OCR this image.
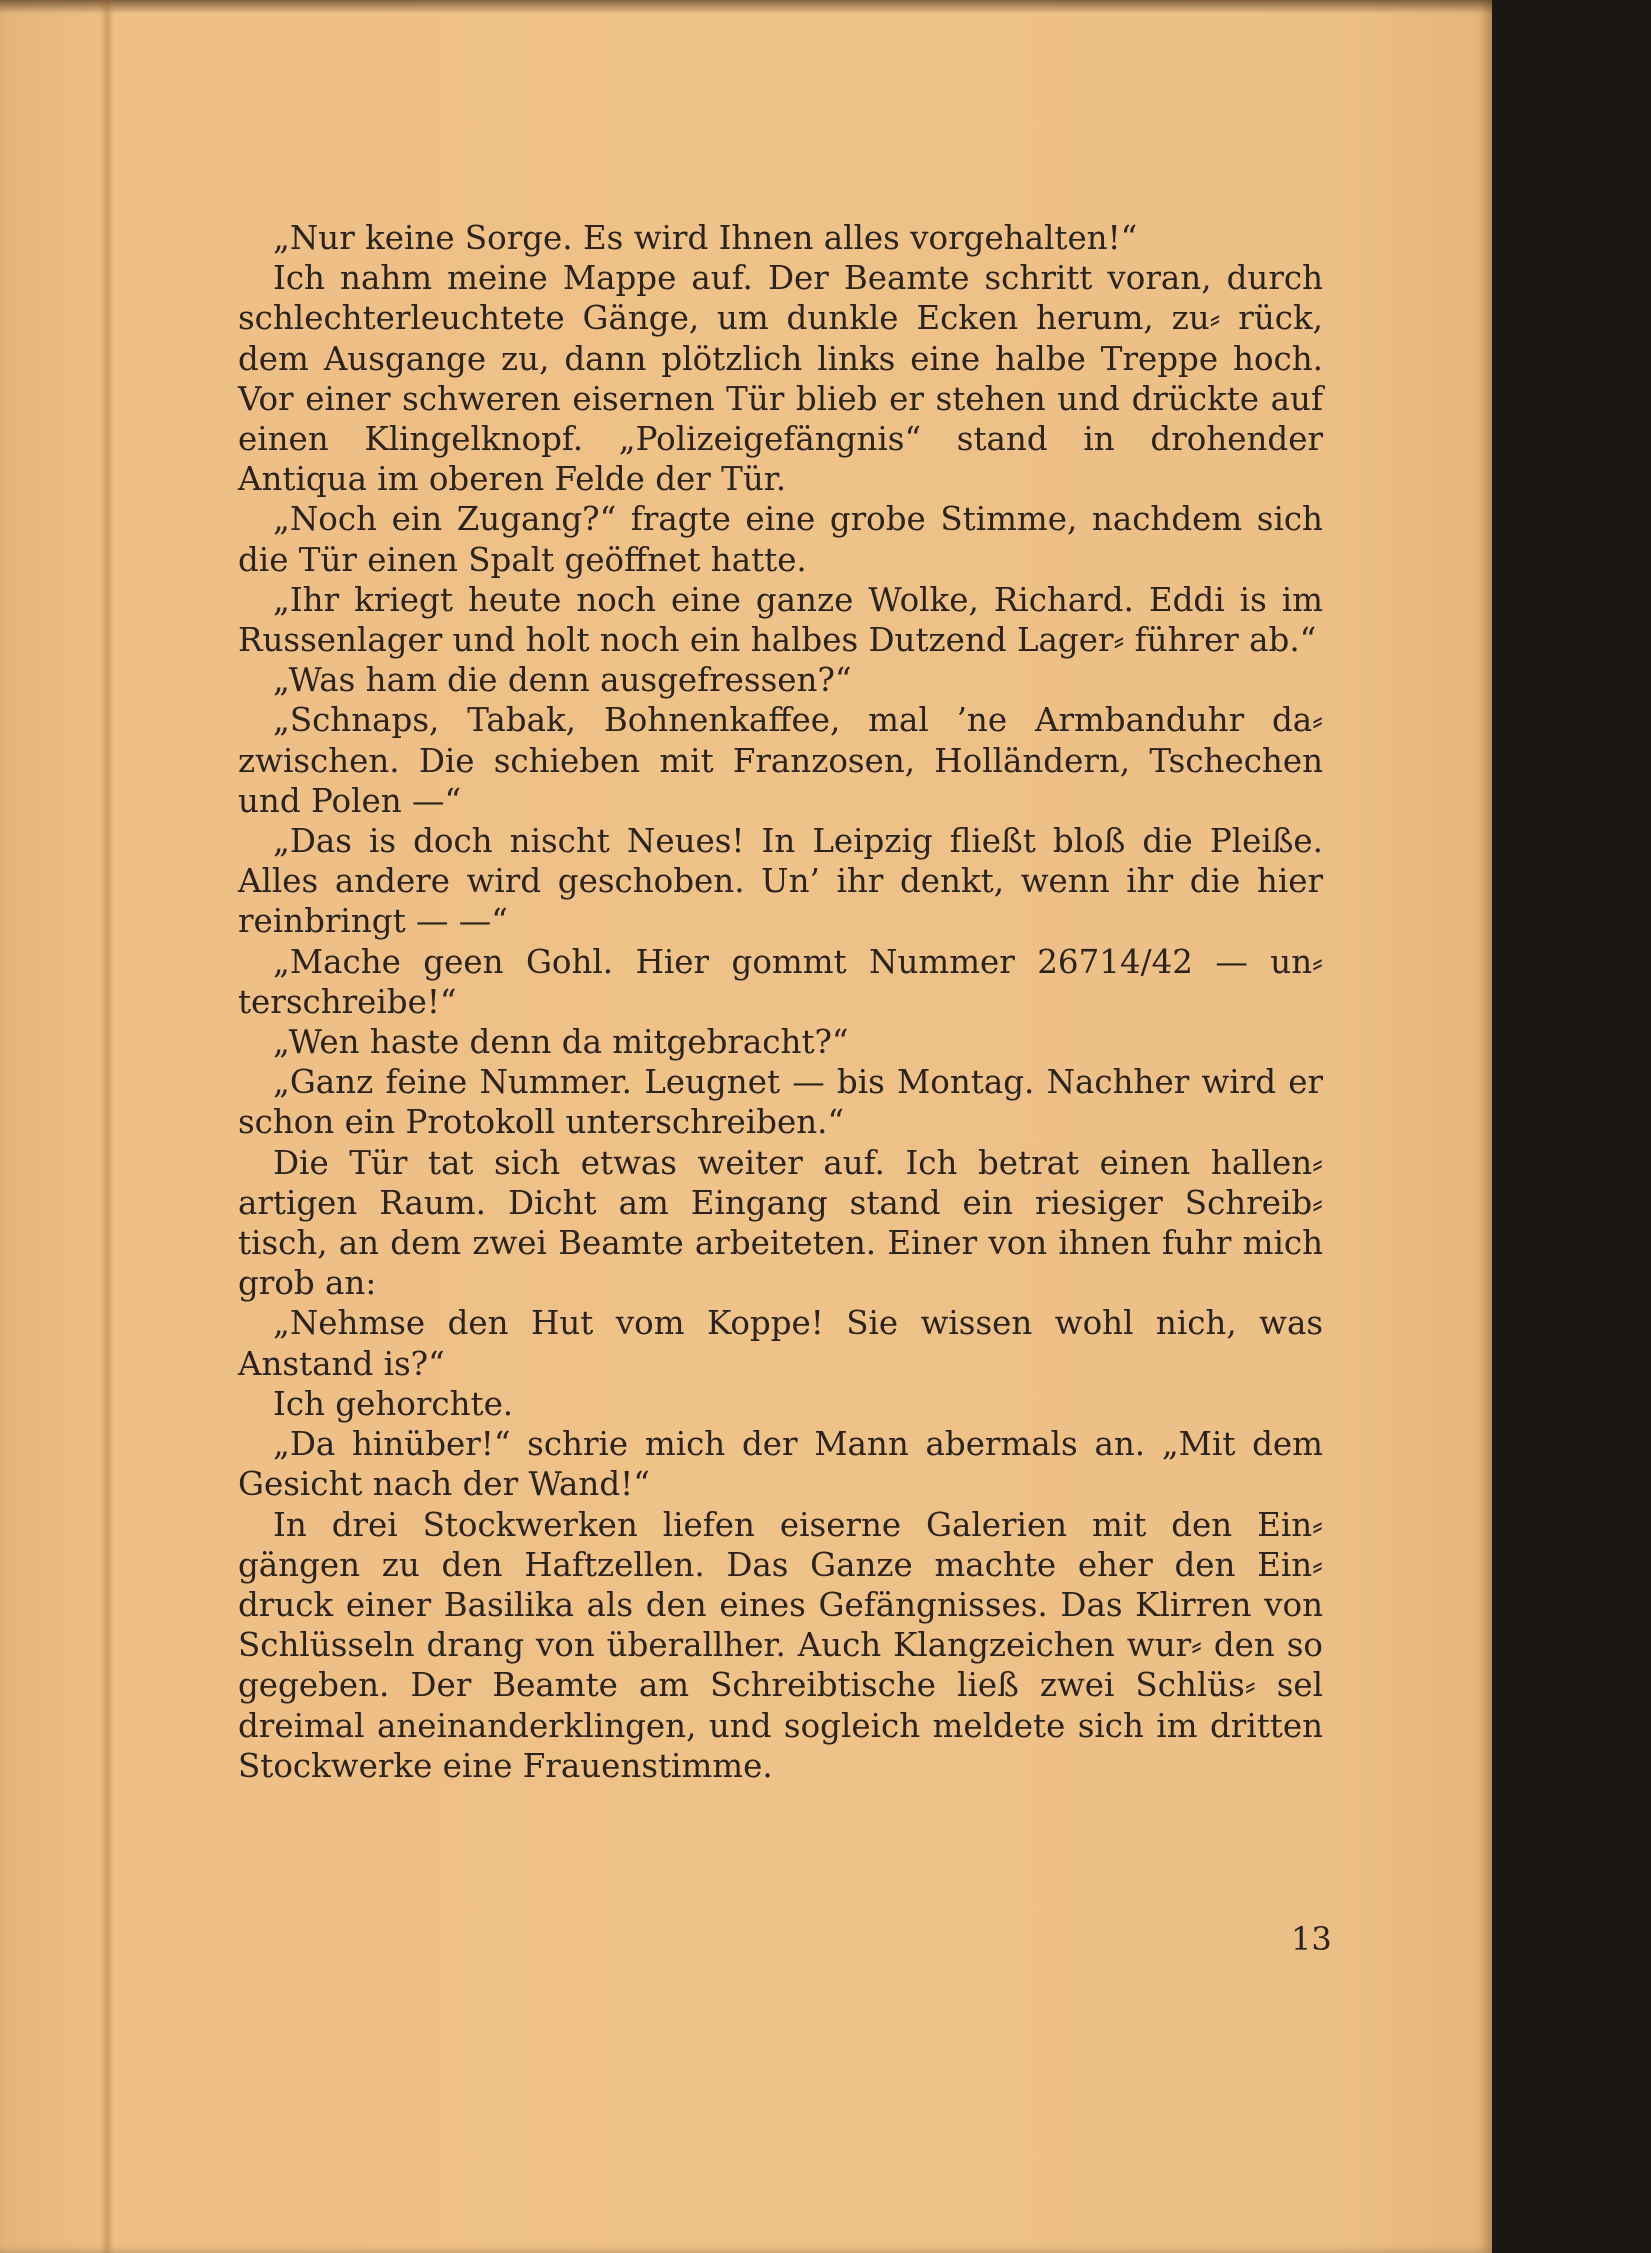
„Nur keine Sorge. Es wird Ihnen alles vorgehalten!“

Ich nahm meine Mappe auf. Der Beamte schritt voran, durch schlechterleuchtete Gänge, um dunkle Ecken herum, zu⸗ rück, dem Ausgange zu, dann plötzlich links eine halbe Treppe hoch. Vor einer schweren eisernen Tür blieb er stehen und drückte auf einen Klingelknopf. „Polizeigefängnis“ stand in drohender Antiqua im oberen Felde der Tür.

„Noch ein Zugang?“ fragte eine grobe Stimme, nachdem sich die Tür einen Spalt geöffnet hatte.

„Ihr kriegt heute noch eine ganze Wolke, Richard. Eddi is im Russenlager und holt noch ein halbes Dutzend Lager⸗ führer ab.“

„Was ham die denn ausgefressen?“

„Schnaps, Tabak, Bohnenkaffee, mal ’ne Armbanduhr da⸗ zwischen. Die schieben mit Franzosen, Holländern, Tschechen und Polen —“

„Das is doch nischt Neues! In Leipzig fließt bloß die Pleiße. Alles andere wird geschoben. Un’ ihr denkt, wenn ihr die hier reinbringt — —“

„Mache geen Gohl. Hier gommt Nummer 26714/42 — un⸗ terschreibe!“

„Wen haste denn da mitgebracht?“

„Ganz feine Nummer. Leugnet — bis Montag. Nachher wird er schon ein Protokoll unterschreiben.“

Die Tür tat sich etwas weiter auf. Ich betrat einen hallen⸗ artigen Raum. Dicht am Eingang stand ein riesiger Schreib⸗ tisch, an dem zwei Beamte arbeiteten. Einer von ihnen fuhr mich grob an:

„Nehmse den Hut vom Koppe! Sie wissen wohl nich, was Anstand is?“

Ich gehorchte.

„Da hinüber!“ schrie mich der Mann abermals an. „Mit dem Gesicht nach der Wand!“

In drei Stockwerken liefen eiserne Galerien mit den Ein⸗ gängen zu den Haftzellen. Das Ganze machte eher den Ein⸗ druck einer Basilika als den eines Gefängnisses. Das Klirren von Schlüsseln drang von überallher. Auch Klangzeichen wur⸗ den so gegeben. Der Beamte am Schreibtische ließ zwei Schlüs⸗ sel dreimal aneinanderklingen, und sogleich meldete sich im dritten Stockwerke eine Frauenstimme.

13
